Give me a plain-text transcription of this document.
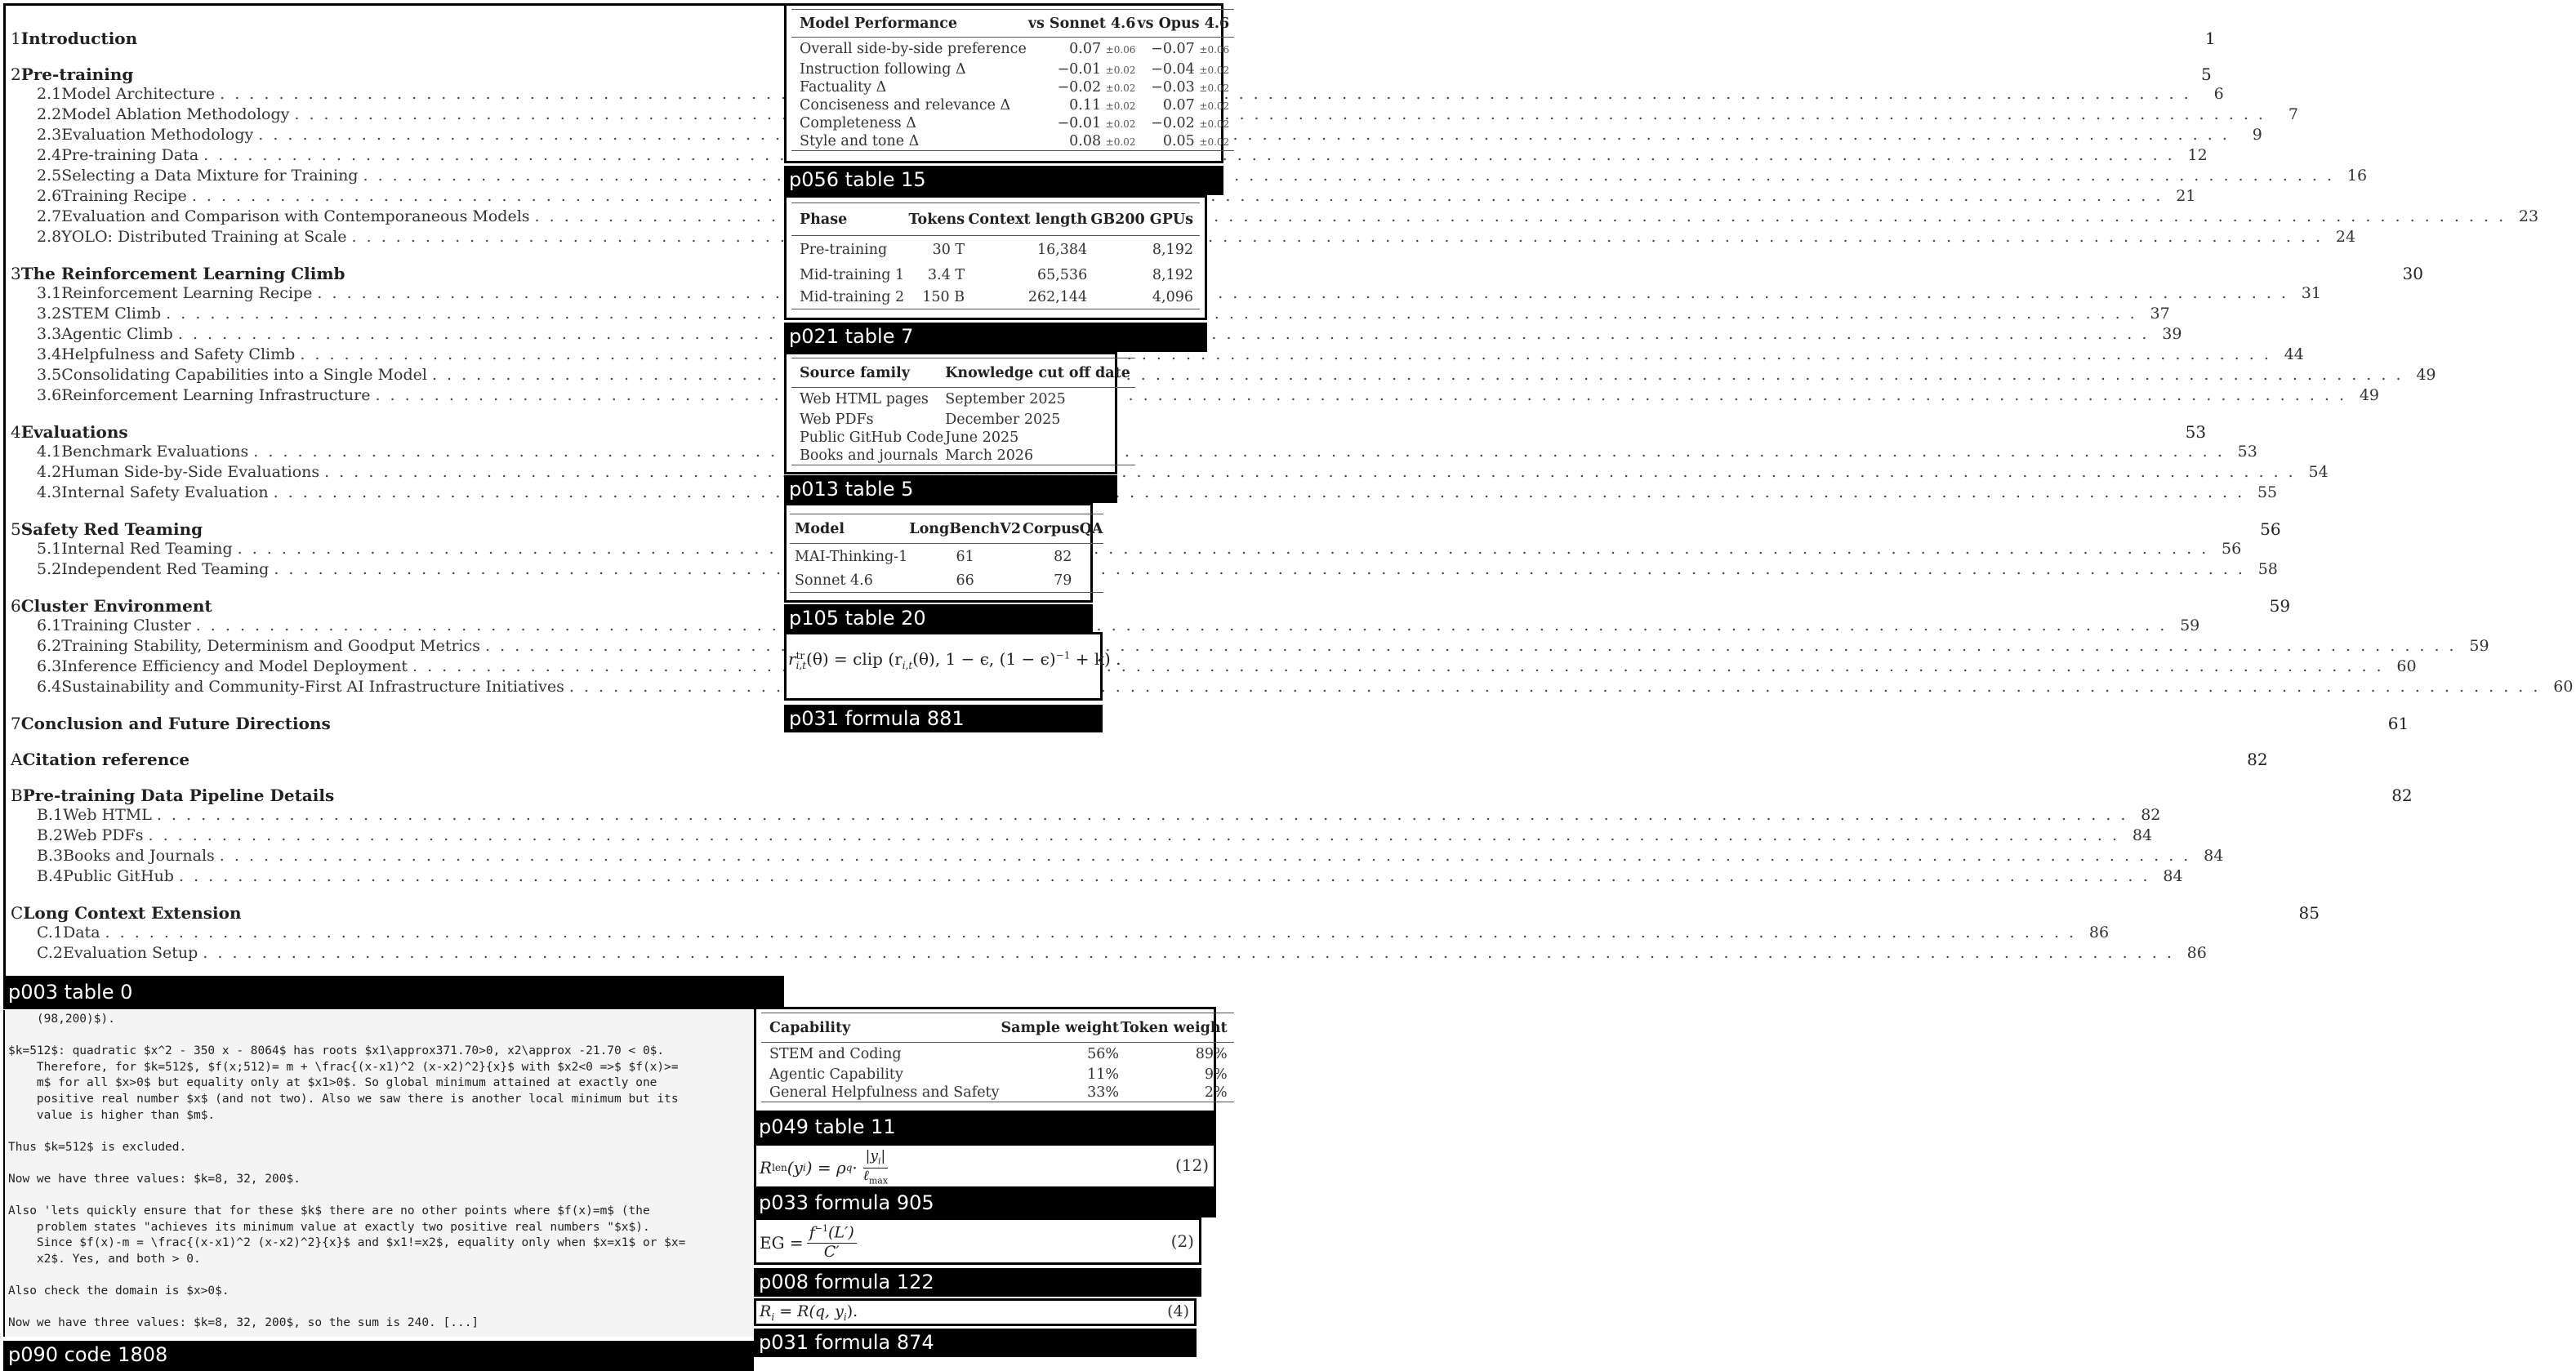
1 Introduction	1
2 Pre-training	5
2.1 Model Architecture . . .	6
2.2 Model Ablation Methodology . . .	7
2.3 Evaluation Methodology . . .	9
2.4 Pre-training Data . . .	12
2.5 Selecting a Data Mixture for Training . . .	16
2.6 Training Recipe . . .	21
2.7 Evaluation and Comparison with Contemporaneous Models . . .	23
2.8 YOLO: Distributed Training at Scale . . .	24
3 The Reinforcement Learning Climb	30
3.1 Reinforcement Learning Recipe . . .	31
3.2 STEM Climb . . .	37
3.3 Agentic Climb . . .	39
3.4 Helpfulness and Safety Climb . . .	44
3.5 Consolidating Capabilities into a Single Model . . .	49
3.6 Reinforcement Learning Infrastructure . . .	49
4 Evaluations	53
4.1 Benchmark Evaluations . . .	53
4.2 Human Side-by-Side Evaluations . . .	54
4.3 Internal Safety Evaluation . . .	55
5 Safety Red Teaming	56
5.1 Internal Red Teaming . . .	56
5.2 Independent Red Teaming . . .	58
6 Cluster Environment	59
6.1 Training Cluster . . .	59
6.2 Training Stability, Determinism and Goodput Metrics . . .	59
6.3 Inference Efficiency and Model Deployment . . .	60
6.4 Sustainability and Community-First AI Infrastructure Initiatives . . .	60
7 Conclusion and Future Directions	61
A Citation reference	82
B Pre-training Data Pipeline Details	82
B.1 Web HTML . . .	82
B.2 Web PDFs . . .	84
B.3 Books and Journals . . .	84
B.4 Public GitHub . . .	84
C Long Context Extension	85
C.1 Data . . .	86
C.2 Evaluation Setup . . .	86
p003 table 0
Model Performance	vs Sonnet 4.6	vs Opus 4.6
Overall side-by-side preference	0.07 ±0.06	−0.07 ±0.06
Instruction following Δ	−0.01 ±0.02	−0.04 ±0.02
Factuality Δ	−0.02 ±0.02	−0.03 ±0.02
Conciseness and relevance Δ	0.11 ±0.02	0.07 ±0.02
Completeness Δ	−0.01 ±0.02	−0.02 ±0.02
Style and tone Δ	0.08 ±0.02	0.05 ±0.02
p056 table 15
Phase	Tokens	Context length	GB200 GPUs
Pre-training	30 T	16,384	8,192
Mid-training 1	3.4 T	65,536	8,192
Mid-training 2	150 B	262,144	4,096
p021 table 7
Source family	Knowledge cut off date
Web HTML pages	September 2025
Web PDFs	December 2025
Public GitHub Code	June 2025
Books and journals	March 2026
p013 table 5
Model	LongBenchV2	CorpusQA
MAI-Thinking-1	61	82
Sonnet 4.6	66	79
p105 table 20
r tr
i,t (θ) = clip ($r_{i,t}(\theta)$, 1 − ϵ, $(1 - \epsilon)^{-1} + k$) .
p031 formula 881
(98,200)$).
$k=512$: quadratic $x^2 - 350 x - 8064$ has roots $x1\approx371.70>0, x2\approx -21.70 < 0$.
Therefore, for $k=512$, $f(x;512)= m + \frac{(x-x1)^2 (x-x2)^2}{x}$ with $x2<0 =>$ $f(x)>=
m$ for all $x>0$ but equality only at $x1>0$. So global minimum attained at exactly one
positive real number $x$ (and not two). Also we saw there is another local minimum but its
value is higher than $m$.
Thus $k=512$ is excluded.
Now we have three values: $k=8, 32, 200$.
Also 'lets quickly ensure that for these $k$ there are no other points where $f(x)=m$ (the
problem states "achieves its minimum value at exactly two positive real numbers "$x$).
Since $f(x)-m = \frac{(x-x1)^2 (x-x2)^2}{x}$ and $x1!=x2$, equality only when $x=x1$ or $x=
x2$. Yes, and both > 0.
Also check the domain is $x>0$.
Now we have three values: $k=8, 32, 200$, so the sum is 240. [...]
p090 code 1808
Capability	Sample weight	Token weight
STEM and Coding	56%	89%
Agentic Capability	11%	9%
General Helpfulness and Safety	33%	2%
p049 table 11
R len (y i ) = ρ $q \cdot \frac{|y_i|}{\ell_{max}}$	(12)
p033 formula 905
EG = $\frac{f^{-1}(L')}{C'}$	(2)
p008 formula 122
$R_i = R(q$, $y_i$).	(4)
p031 formula 874
